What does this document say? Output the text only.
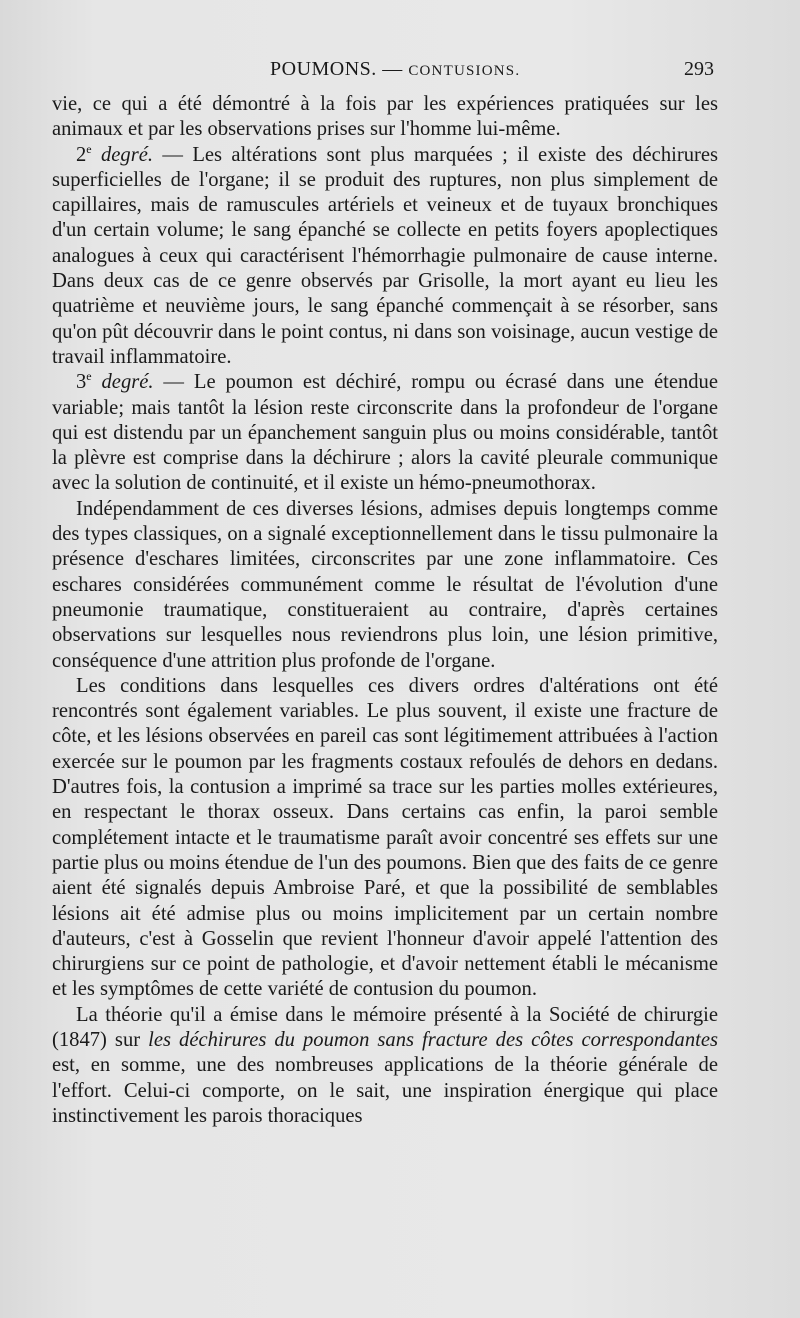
POUMONS. — CONTUSIONS.	293

vie, ce qui a été démontré à la fois par les expériences pratiquées sur les animaux et par les observations prises sur l'homme lui-même.

2e degré. — Les altérations sont plus marquées ; il existe des déchirures superficielles de l'organe; il se produit des ruptures, non plus simplement de capillaires, mais de ramuscules artériels et veineux et de tuyaux bronchiques d'un certain volume; le sang épanché se collecte en petits foyers apoplectiques analogues à ceux qui caractérisent l'hémorrhagie pulmonaire de cause interne. Dans deux cas de ce genre observés par Grisolle, la mort ayant eu lieu les quatrième et neuvième jours, le sang épanché commençait à se résorber, sans qu'on pût découvrir dans le point contus, ni dans son voisinage, aucun vestige de travail inflammatoire.

3e degré. — Le poumon est déchiré, rompu ou écrasé dans une étendue variable; mais tantôt la lésion reste circonscrite dans la profondeur de l'organe qui est distendu par un épanchement sanguin plus ou moins considérable, tantôt la plèvre est comprise dans la déchirure ; alors la cavité pleurale communique avec la solution de continuité, et il existe un hémo-pneumothorax.

Indépendamment de ces diverses lésions, admises depuis longtemps comme des types classiques, on a signalé exceptionnellement dans le tissu pulmonaire la présence d'eschares limitées, circonscrites par une zone inflammatoire. Ces eschares considérées communément comme le résultat de l'évolution d'une pneumonie traumatique, constitueraient au contraire, d'après certaines observations sur lesquelles nous reviendrons plus loin, une lésion primitive, conséquence d'une attrition plus profonde de l'organe.

Les conditions dans lesquelles ces divers ordres d'altérations ont été rencontrés sont également variables. Le plus souvent, il existe une fracture de côte, et les lésions observées en pareil cas sont légitimement attribuées à l'action exercée sur le poumon par les fragments costaux refoulés de dehors en dedans. D'autres fois, la contusion a imprimé sa trace sur les parties molles extérieures, en respectant le thorax osseux. Dans certains cas enfin, la paroi semble complétement intacte et le traumatisme paraît avoir concentré ses effets sur une partie plus ou moins étendue de l'un des poumons. Bien que des faits de ce genre aient été signalés depuis Ambroise Paré, et que la possibilité de semblables lésions ait été admise plus ou moins implicitement par un certain nombre d'auteurs, c'est à Gosselin que revient l'honneur d'avoir appelé l'attention des chirurgiens sur ce point de pathologie, et d'avoir nettement établi le mécanisme et les symptômes de cette variété de contusion du poumon.

La théorie qu'il a émise dans le mémoire présenté à la Société de chirurgie (1847) sur les déchirures du poumon sans fracture des côtes correspondantes est, en somme, une des nombreuses applications de la théorie générale de l'effort. Celui-ci comporte, on le sait, une inspiration énergique qui place instinctivement les parois thoraciques
